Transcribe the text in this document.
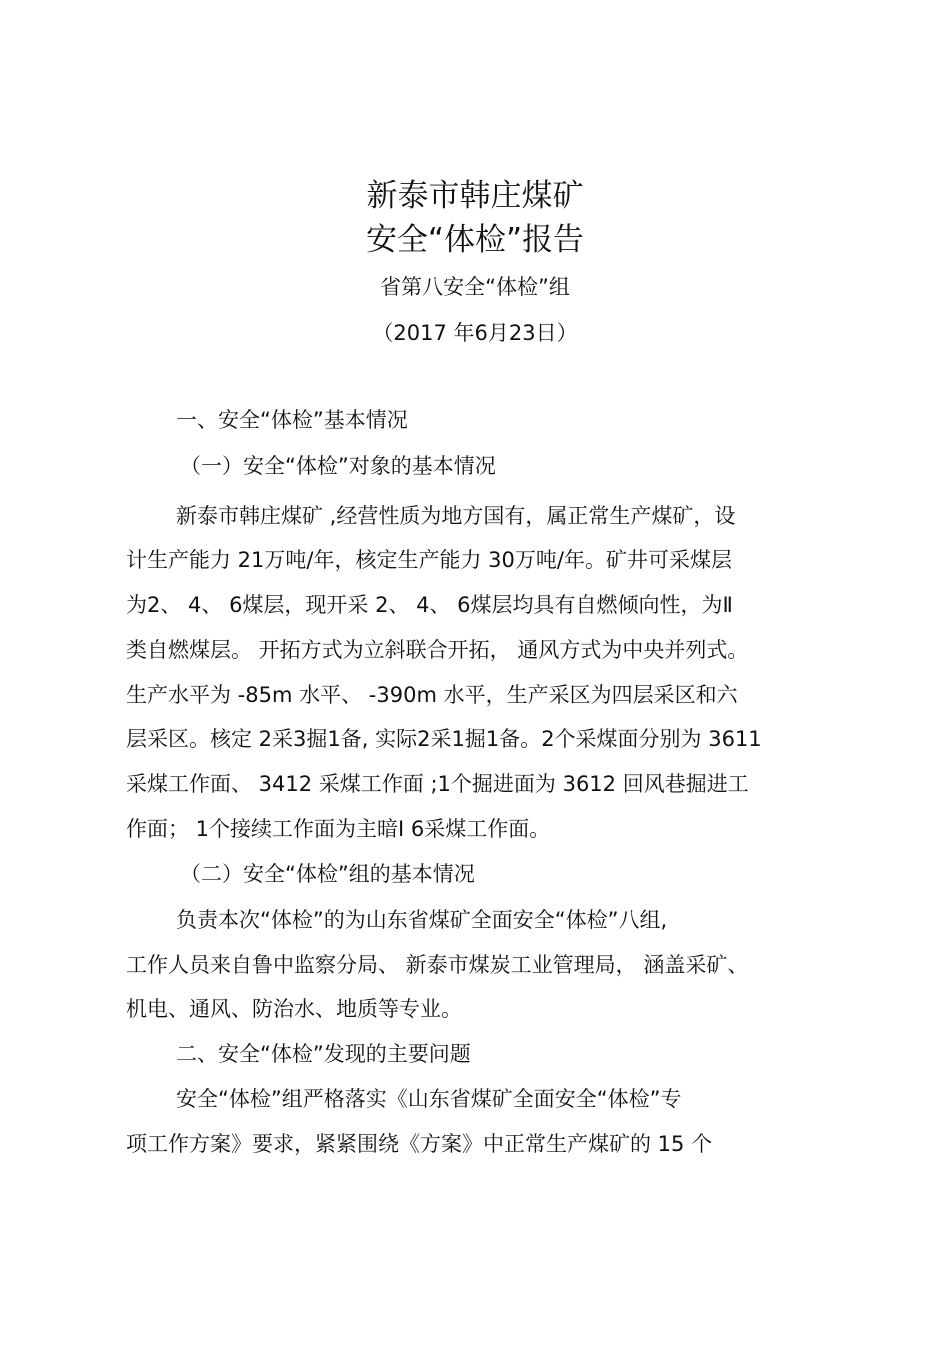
新泰市韩庄煤矿
安全“体检”报告
省第八安全“体检”组
（2017 年6月23日）
一、安全“体检”基本情况
（一）安全“体检”对象的基本情况
新泰市韩庄煤矿 ,经营性质为地方国有，属正常生产煤矿，设
计生产能力 21万吨/年，核定生产能力 30万吨/年。矿井可采煤层
为2、 4、 6煤层，现开采 2、 4、 6煤层均具有自燃倾向性，为Ⅱ
类自燃煤层。 开拓方式为立斜联合开拓， 通风方式为中央并列式。
生产水平为 -85m 水平、 -390m 水平，生产采区为四层采区和六
层采区。核定 2采3掘1备, 实际2采1掘1备。2个采煤面分别为 3611
采煤工作面、 3412 采煤工作面 ;1个掘进面为 3612 回风巷掘进工
作面； 1个接续工作面为主暗Ⅰ 6采煤工作面。
（二）安全“体检”组的基本情况
负责本次“体检”的为山东省煤矿全面安全“体检”八组,
工作人员来自鲁中监察分局、 新泰市煤炭工业管理局， 涵盖采矿、
机电、通风、防治水、地质等专业。
二、安全“体检”发现的主要问题
安全“体检”组严格落实《山东省煤矿全面安全“体检”专
项工作方案》要求，紧紧围绕《方案》中正常生产煤矿的 15 个
